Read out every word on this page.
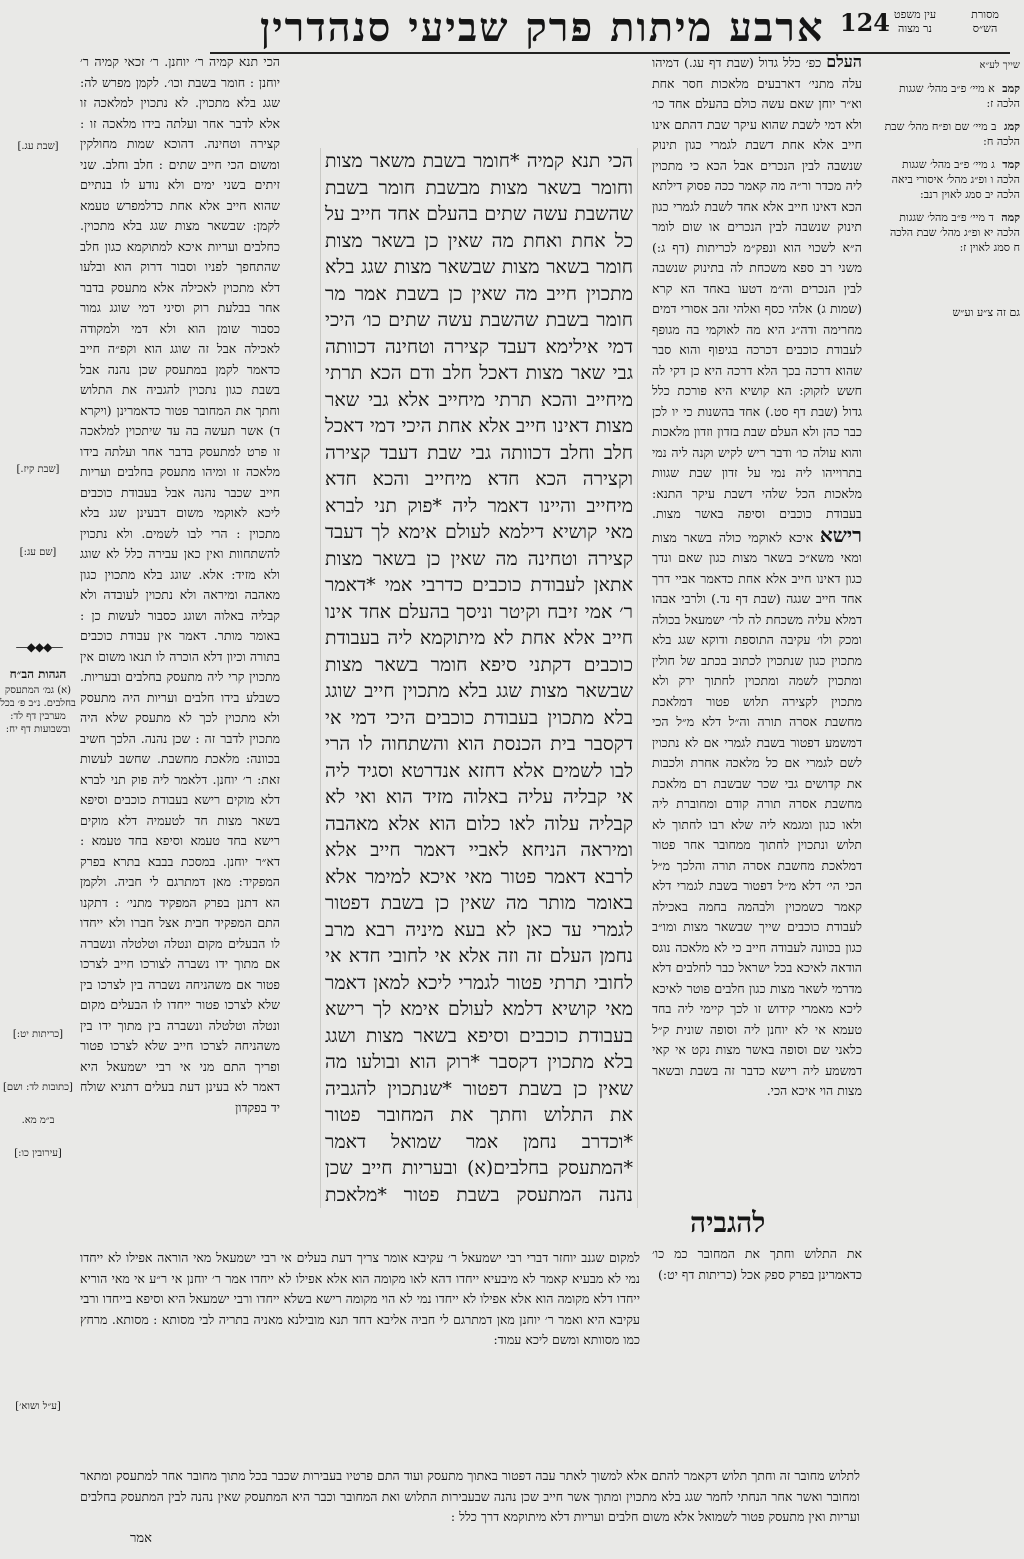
ארבע מיתות פרק שביעי סנהדרין 124	עין משפט
נר מצוה
מסורת
הש״ס
שייך לע״א
קמב א מיי׳ פ״ב מהל׳ שגגות הלכה ז:
קמג ב מיי׳ שם ופ״ח מהל׳ שבת הלכה ח:
קמד ג מיי׳ פ״ב מהל׳ שגגות הלכה ו ופ״ג מהל׳ איסורי ביאה הלכה יב סמג לאוין רנב:
קמה ד מיי׳ פ״ב מהל׳ שגגות הלכה יא ופ״ג מהל׳ שבת הלכה ח סמג לאוין ז:
גם זה צ״ע וע״ש
העלם כפ׳ כלל גדול (שבת דף עג.) דמיהו עלה מתני׳ דארבעים מלאכות חסר אחת וא״ר יוחן שאם עשה כולם בהעלם אחד כו׳ ולא דמי לשבת שהוא עיקר שבת דהתם אינו חייב אלא אחת דשבת לגמרי כגון תינוק שנשבה לבין הנכרים אבל הכא כי מתכוין ליה מכדר ור״ה מה קאמר ככה פסוק דילתא הכא דאינו חייב אלא אחד לשבת לגמרי כגון תינוק שנשבה לבין הנכרים או שום לומר ה״א לשכוי הוא ונפק״מ לכריתות (דף ג:) משני רב ספא משכחת לה בתינוק שנשבה לבין הנכרים וה״מ דטעו באחד הא קרא (שמות ג) אלהי כסף ואלהי זהב אסורי דמים מחרימה ודה״ג היא מה לאוקמי בה מגופף לעבודת כוכבים דכרכה בגיפוף והוא סבר שהוא דרכה בכך הלא דרכה היא כן דקי לה חשש לזקוק: הא קושיא היא פורכת כלל גדול (שבת דף סט.) אחד בהשנות כי יו לכן כבר כהן ולא העלם שבת בזדון וזדון מלאכות והוא עולה כו׳ ודבר ריש לקיש וקנה ליה נמי בתרוייהו ליה נמי על זדון שבת שגוות מלאכות הכל שלהי דשבת עיקר התנא: בעבודת כוכבים וסיפה באשר מצות. רישא איכא לאוקמי כולה בשאר מצות ומאי משא״כ בשאר מצות כגון שאם ונדך כגון דאינו חייב אלא אחת כדאמר אביי דרך אחד חייב שגגה (שבת דף נד.) ולרבי אבהו דמלא עליה משכחת לה לר׳ ישמעאל בכולה ומכק ולו׳ עקיבה התוספת ודוקא שגג בלא מתכוין כגון שנתכוין לכתוב בכתב של חולין ומתכוין לשמה ומתכוין לחתוך ירק ולא מתכוין לקצירה תלוש פטור דמלאכת מחשבת אסרה תורה וה״ל דלא מ״ל הכי דמשמע דפטור בשבת לגמרי אם לא נתכוין לשם לגמרי אם כל מלאכה אחרת ולכבות את קדושים גבי שכר שבשבת רם מלאכת מחשבת אסרה תורה קודם ומחוברת ליה ולאו כגון ומגמא ליה שלא רבו לחתוך לא תלוש ונתכוין לחתוך ממחובר אחר פטור דמלאכת מחשבת אסרה תורה והלכך מ״ל הכי הי׳ דלא מ״ל דפטור בשבת לגמרי דלא קאמר כשמכוין ולבהמה בחמה באכילה לעבודת כוכבים שייך שבשאר מצות ומו״ב כגון בכוונה לעבודה חייב כי לא מלאכה נוגס הודאה לאיכא בכל ישראל כבר לחלבים דלא מדרמי לשאר מצות כגון חלבים פוטר לאיכא ליכא מאמרי קידוש זו לכך קיימי ליה בחד טעמא אי לא יוחנן ליה וסופה שונית ק״ל כלאני שם וסופה באשר מצות נקט אי קאי דמשמע ליה רישא כדבר זה בשבת ובשאר מצות הוי איכא הכי.
הכי תנא קמיה *חומר בשבת משאר מצות וחומר בשאר מצות מבשבת חומר בשבת שהשבת עשה שתים בהעלם אחד חייב על כל אחת ואחת מה שאין כן בשאר מצות חומר בשאר מצות שבשאר מצות שגג בלא מתכוין חייב מה שאין כן בשבת אמר מר חומר בשבת שהשבת עשה שתים כו׳ היכי דמי אילימא דעבד קצירה וטחינה דכוותה גבי שאר מצות דאכל חלב ודם הכא תרתי מיחייב והכא תרתי מיחייב אלא גבי שאר מצות דאינו חייב אלא אחת היכי דמי דאכל חלב וחלב דכוותה גבי שבת דעבד קצירה וקצירה הכא חדא מיחייב והכא חדא מיחייב והיינו דאמר ליה *פוק תני לברא מאי קושיא דילמא לעולם אימא לך דעבד קצירה וטחינה מה שאין כן בשאר מצות אתאן לעבודת כוכבים כדרבי אמי *דאמר ר׳ אמי זיבח וקיטר וניסך בהעלם אחד אינו חייב אלא אחת לא מיתוקמא ליה בעבודת כוכבים דקתני סיפא חומר בשאר מצות שבשאר מצות שגג בלא מתכוין חייב שוגג בלא מתכוין בעבודת כוכבים היכי דמי אי דקסבר בית הכנסת הוא והשתחוה לו הרי לבו לשמים אלא דחזא אנדרטא וסגיד ליה אי קבליה עליה באלוה מזיד הוא ואי לא קבליה עלוה לאו כלום הוא אלא מאהבה ומיראה הניחא לאביי דאמר חייב אלא לרבא דאמר פטור מאי איכא למימר אלא באומר מותר מה שאין כן בשבת דפטור לגמרי עד כאן לא בעא מיניה רבא מרב נחמן העלם זה וזה אלא אי לחובי חדא אי לחובי תרתי פטור לגמרי ליכא למאן דאמר מאי קושיא דלמא לעולם אימא לך רישא בעבודת כוכבים וסיפא בשאר מצות ושגג בלא מתכוין דקסבר *רוק הוא ובולעו מה שאין כן בשבת דפטור *שנתכוין להגביה את התלוש וחתך את המחובר פטור *וכדרב נחמן אמר שמואל דאמר *המתעסק בחלבים(א) ובעריות חייב שכן נהנה המתעסק בשבת פטור *מלאכת
הכי תנא קמיה ר׳ יוחנן. ר׳ זכאי קמיה ר׳ יוחנן : חומר בשבת וכו׳. לקמן מפרש לה: שגג בלא מתכוין. לא נתכוין למלאכה זו אלא לדבר אחר ועלתה בידו מלאכה זו : קצירה וטחינה. דהוכא שמות מחולקין ומשום הכי חייב שתים : חלב וחלב. שני זיתים בשני ימים ולא נודע לו בנתיים שהוא חייב אלא אחת כדלמפרש טעמא לקמן: שבשאר מצות שגג בלא מתכוין. כחלבים ועריות איכא למתוקמא כגון חלב שהתחפך לפניו וסבור דרוק הוא ובלעו דלא מתכוין לאכילה אלא מתעסק בדבר אחר בבלעת רוק וסיני דמי שוגג גמור כסבור שומן הוא ולא דמי ולמקודה לאכילה אבל זה שוגג הוא וקפ״ה חייב כדאמר לקמן במתעסק שכן נהנה אבל בשבת כגון נתכוין להגביה את התלוש וחתך את המחובר פטור כדאמרינן (ויקרא ד) אשר תעשה בה עד שיתכוין למלאכה זו פרט למתעסק בדבר אחר ועלתה בידו מלאכה זו ומיהו מתעסק בחלבים ועריות חייב שכבר נהנה אבל בעבודת כוכבים ליכא לאוקמי משום דבעינן שגג בלא מתכוין : הרי לבו לשמים. ולא נתכוין להשתחוות ואין כאן עבירה כלל לא שוגג ולא מזיד: אלא. שוגג בלא מתכוין כגון מאהבה ומיראה ולא נתכוין לעובדה ולא קבליה באלוה ושוגג כסבור לעשות כן : באומר מותר. דאמר אין עבודת כוכבים בתורה וכיון דלא הוכרה לו תנאו משום אין מתכוין קרי ליה מתעסק בחלבים ובעריות. כשבלע בידו חלבים ועריות היה מתעסק ולא מתכוין לכך לא מתעסק שלא היה מתכוין לדבר זה : שכן נהנה. הלכך חשיב בכוונה: מלאכת מחשבת. שחשב לעשות זאת: ר׳ יוחנן. דלאמר ליה פוק תני לברא דלא מוקים רישא בעבודת כוכבים וסיפא בשאר מצות חד לטעמיה דלא מוקים רישא בחד טעמא וסיפא בחד טעמא : דא״ר יוחנן. במסכת בבבא בתרא בפרק המפקיד: מאן דמתרגם לי חביה. ולקמן הא דתנן בפרק המפקיד מתני׳ : דתקנו התם המפקיד חבית אצל חברו ולא ייחדו לו הבעלים מקום ונטלה וטלטלה ונשברה אם מתוך ידו נשברה לצורכו חייב לצרכו פטור אם משהניחה נשברה בין לצרכו בין שלא לצרכו פטור ייחדו לו הבעלים מקום ונטלה וטלטלה ונשברה בין מתוך ידו בין משהניחה לצרכו חייב שלא לצרכו פטור ופריך התם מני אי רבי ישמעאל היא דאמר לא בעינן דעת בעלים דתניא שולח יד בפקדון
להגביה
למקום שגנב יוחזר דברי רבי ישמעאל ר׳ עקיבא אומר צריך דעת בעלים אי רבי ישמעאל מאי הוראה אפילו לא ייחדו נמי לא מבעיא קאמר לא מיבעיא ייחדו דהא לאו מקומה הוא אלא אפילו לא ייחדו אמר ר׳ יוחנן אי ר״ע אי מאי הוריא ייחדו דלא מקומה הוא אלא אפילו לא ייחדו נמי לא הוי מקומה רישא בשלא ייחדו ורבי ישמעאל היא וסיפא בייחדו ורבי עקיבא היא ואמר ר׳ יוחנן מאן דמתרגם לי חביה אליבא דחד תנא מובילנא מאניה בתריה לבי מסותא : מסותא. מרחץ כמו מסוותא ומשם ליכא עמוד:
את התלוש וחתך את המחובר כמ כו׳ כדאמרינן בפרק ספק אכל (כריתות דף יט:)
לתלוש מחובר זה וחתך תלוש דקאמר להתם אלא למשוך לאתר עבה דפטור באתוך מתעסק ועוד התם פרטיו בעבירות שכבר בכל מתוך מחובר אחר למתעסק ומתאר ומחובר ואשר אחר הנחתי לחמר שגג בלא מתכוין ומתוך אשר חייב שכן נהנה שבעבירות התלוש ואת המחובר וכבר היא המתעסק שאין נהנה לבין המתעסק בחלבים ועריות ואין מתעסק פטור לשמואל אלא משום חלבים ועריות דלא מיתוקמא דרך כלל :
אמר
[שבת עג.]
[שבת קיז.]
[שם עג:]
—◆◆◆—
הגהות הב״ח
(א) גמ׳ המתעסק בחלבים. נ״ב פ׳ בכל מערבין דף לד: ובשבועות דף יח:
[כריתות יט:]
[כתובות לד: ושם]
ב״מ מא.
[עירובין כו:]
[ע״ל ושוא׳]
